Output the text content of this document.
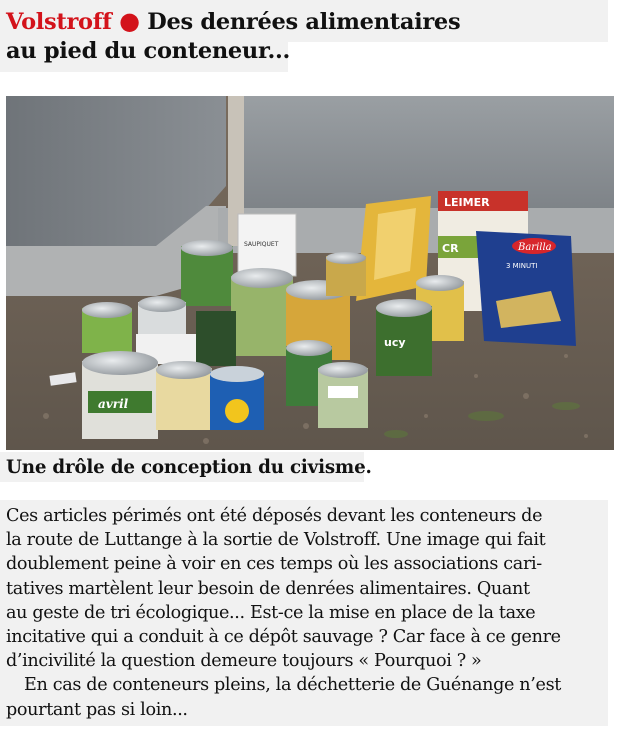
Volstroff ● Des denrées alimentaires
au pied du conteneur...
SAUPIQUET
LEIMER
CR	Barilla
3 MINUTI
ucy
avril

Une drôle de conception du civisme.

Ces articles périmés ont été déposés devant les conteneurs de
la route de Luttange à la sortie de Volstroff. Une image qui fait
doublement peine à voir en ces temps où les associations cari-
tatives martèlent leur besoin de denrées alimentaires. Quant
au geste de tri écologique... Est-ce la mise en place de la taxe
incitative qui a conduit à ce dépôt sauvage ? Car face à ce genre
d’incivilité la question demeure toujours « Pourquoi ? »

En cas de conteneurs pleins, la déchetterie de Guénange n’est
pourtant pas si loin...
